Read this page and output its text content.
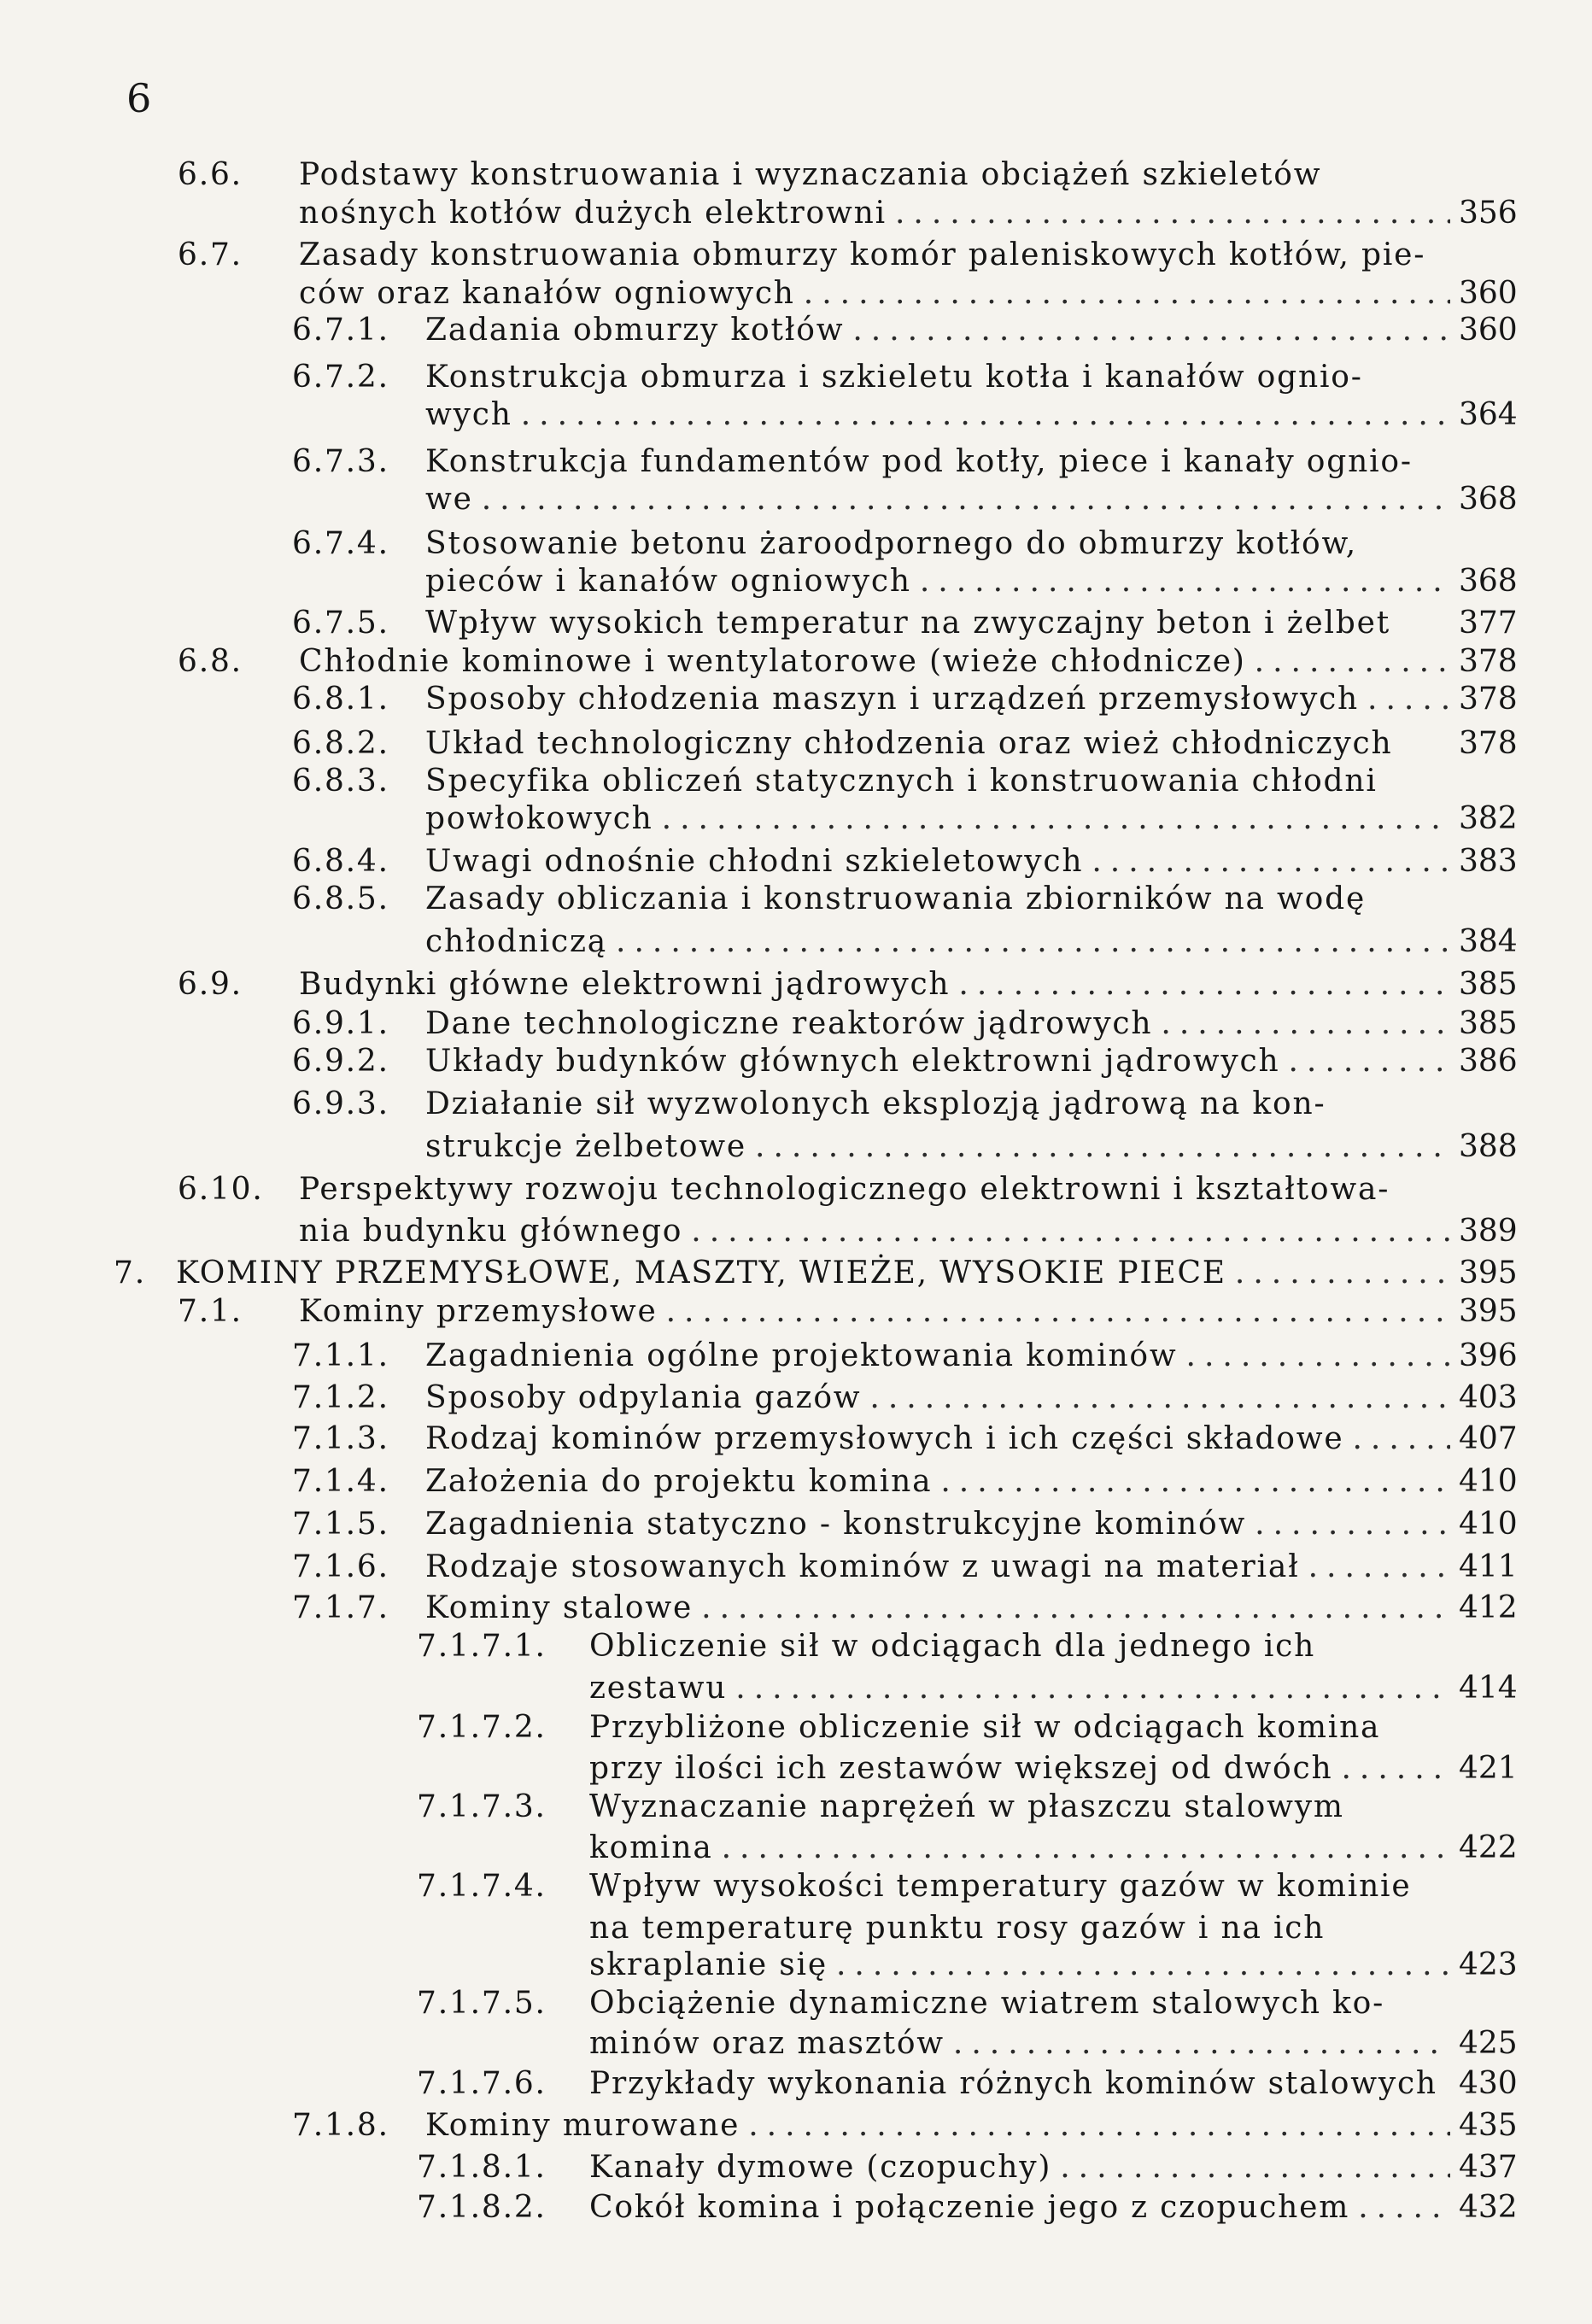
6
6.6. Podstawy konstruowania i wyznaczania obciążeń szkieletów
nośnych kotłów dużych elektrowni .....	356
6.7. Zasady konstruowania obmurzy komór paleniskowych kotłów, pie-
ców oraz kanałów ogniowych .....	360
6.7.1. Zadania obmurzy kotłów .....	360
6.7.2. Konstrukcja obmurza i szkieletu kotła i kanałów ognio-
wych .....	364
6.7.3. Konstrukcja fundamentów pod kotły, piece i kanały ognio-
we .....	368
6.7.4. Stosowanie betonu żaroodpornego do obmurzy kotłów,
pieców i kanałów ogniowych .....	368
6.7.5. Wpływ wysokich temperatur na zwyczajny beton i żelbet 377
6.8. Chłodnie kominowe i wentylatorowe (wieże chłodnicze) .....	378
6.8.1. Sposoby chłodzenia maszyn i urządzeń przemysłowych .....	378
6.8.2. Układ technologiczny chłodzenia oraz wież chłodniczych 378
6.8.3. Specyfika obliczeń statycznych i konstruowania chłodni
powłokowych .....	382
6.8.4. Uwagi odnośnie chłodni szkieletowych .....	383
6.8.5. Zasady obliczania i konstruowania zbiorników na wodę
chłodniczą .....	384
6.9. Budynki główne elektrowni jądrowych .....	385
6.9.1. Dane technologiczne reaktorów jądrowych .....	385
6.9.2. Układy budynków głównych elektrowni jądrowych .....	386
6.9.3. Działanie sił wyzwolonych eksplozją jądrową na kon-
strukcje żelbetowe .....	388
6.10. Perspektywy rozwoju technologicznego elektrowni i kształtowa-
nia budynku głównego .....	389
7. KOMINY PRZEMYSŁOWE, MASZTY, WIEŻE, WYSOKIE PIECE .....	395
7.1. Kominy przemysłowe .....	395
7.1.1. Zagadnienia ogólne projektowania kominów .....	396
7.1.2. Sposoby odpylania gazów .....	403
7.1.3. Rodzaj kominów przemysłowych i ich części składowe .....	407
7.1.4. Założenia do projektu komina .....	410
7.1.5. Zagadnienia statyczno - konstrukcyjne kominów .....	410
7.1.6. Rodzaje stosowanych kominów z uwagi na materiał .....	411
7.1.7. Kominy stalowe .....	412
7.1.7.1. Obliczenie sił w odciągach dla jednego ich
zestawu .....	414
7.1.7.2. Przybliżone obliczenie sił w odciągach komina
przy ilości ich zestawów większej od dwóch .....	421
7.1.7.3. Wyznaczanie naprężeń w płaszczu stalowym
komina .....	422
7.1.7.4. Wpływ wysokości temperatury gazów w kominie
na temperaturę punktu rosy gazów i na ich
skraplanie się .....	423
7.1.7.5. Obciążenie dynamiczne wiatrem stalowych ko-
minów oraz masztów .....	425
7.1.7.6. Przykłady wykonania różnych kominów stalowych 430
7.1.8. Kominy murowane .....	435
7.1.8.1. Kanały dymowe (czopuchy) .....	437
7.1.8.2. Cokół komina i połączenie jego z czopuchem .....	432
